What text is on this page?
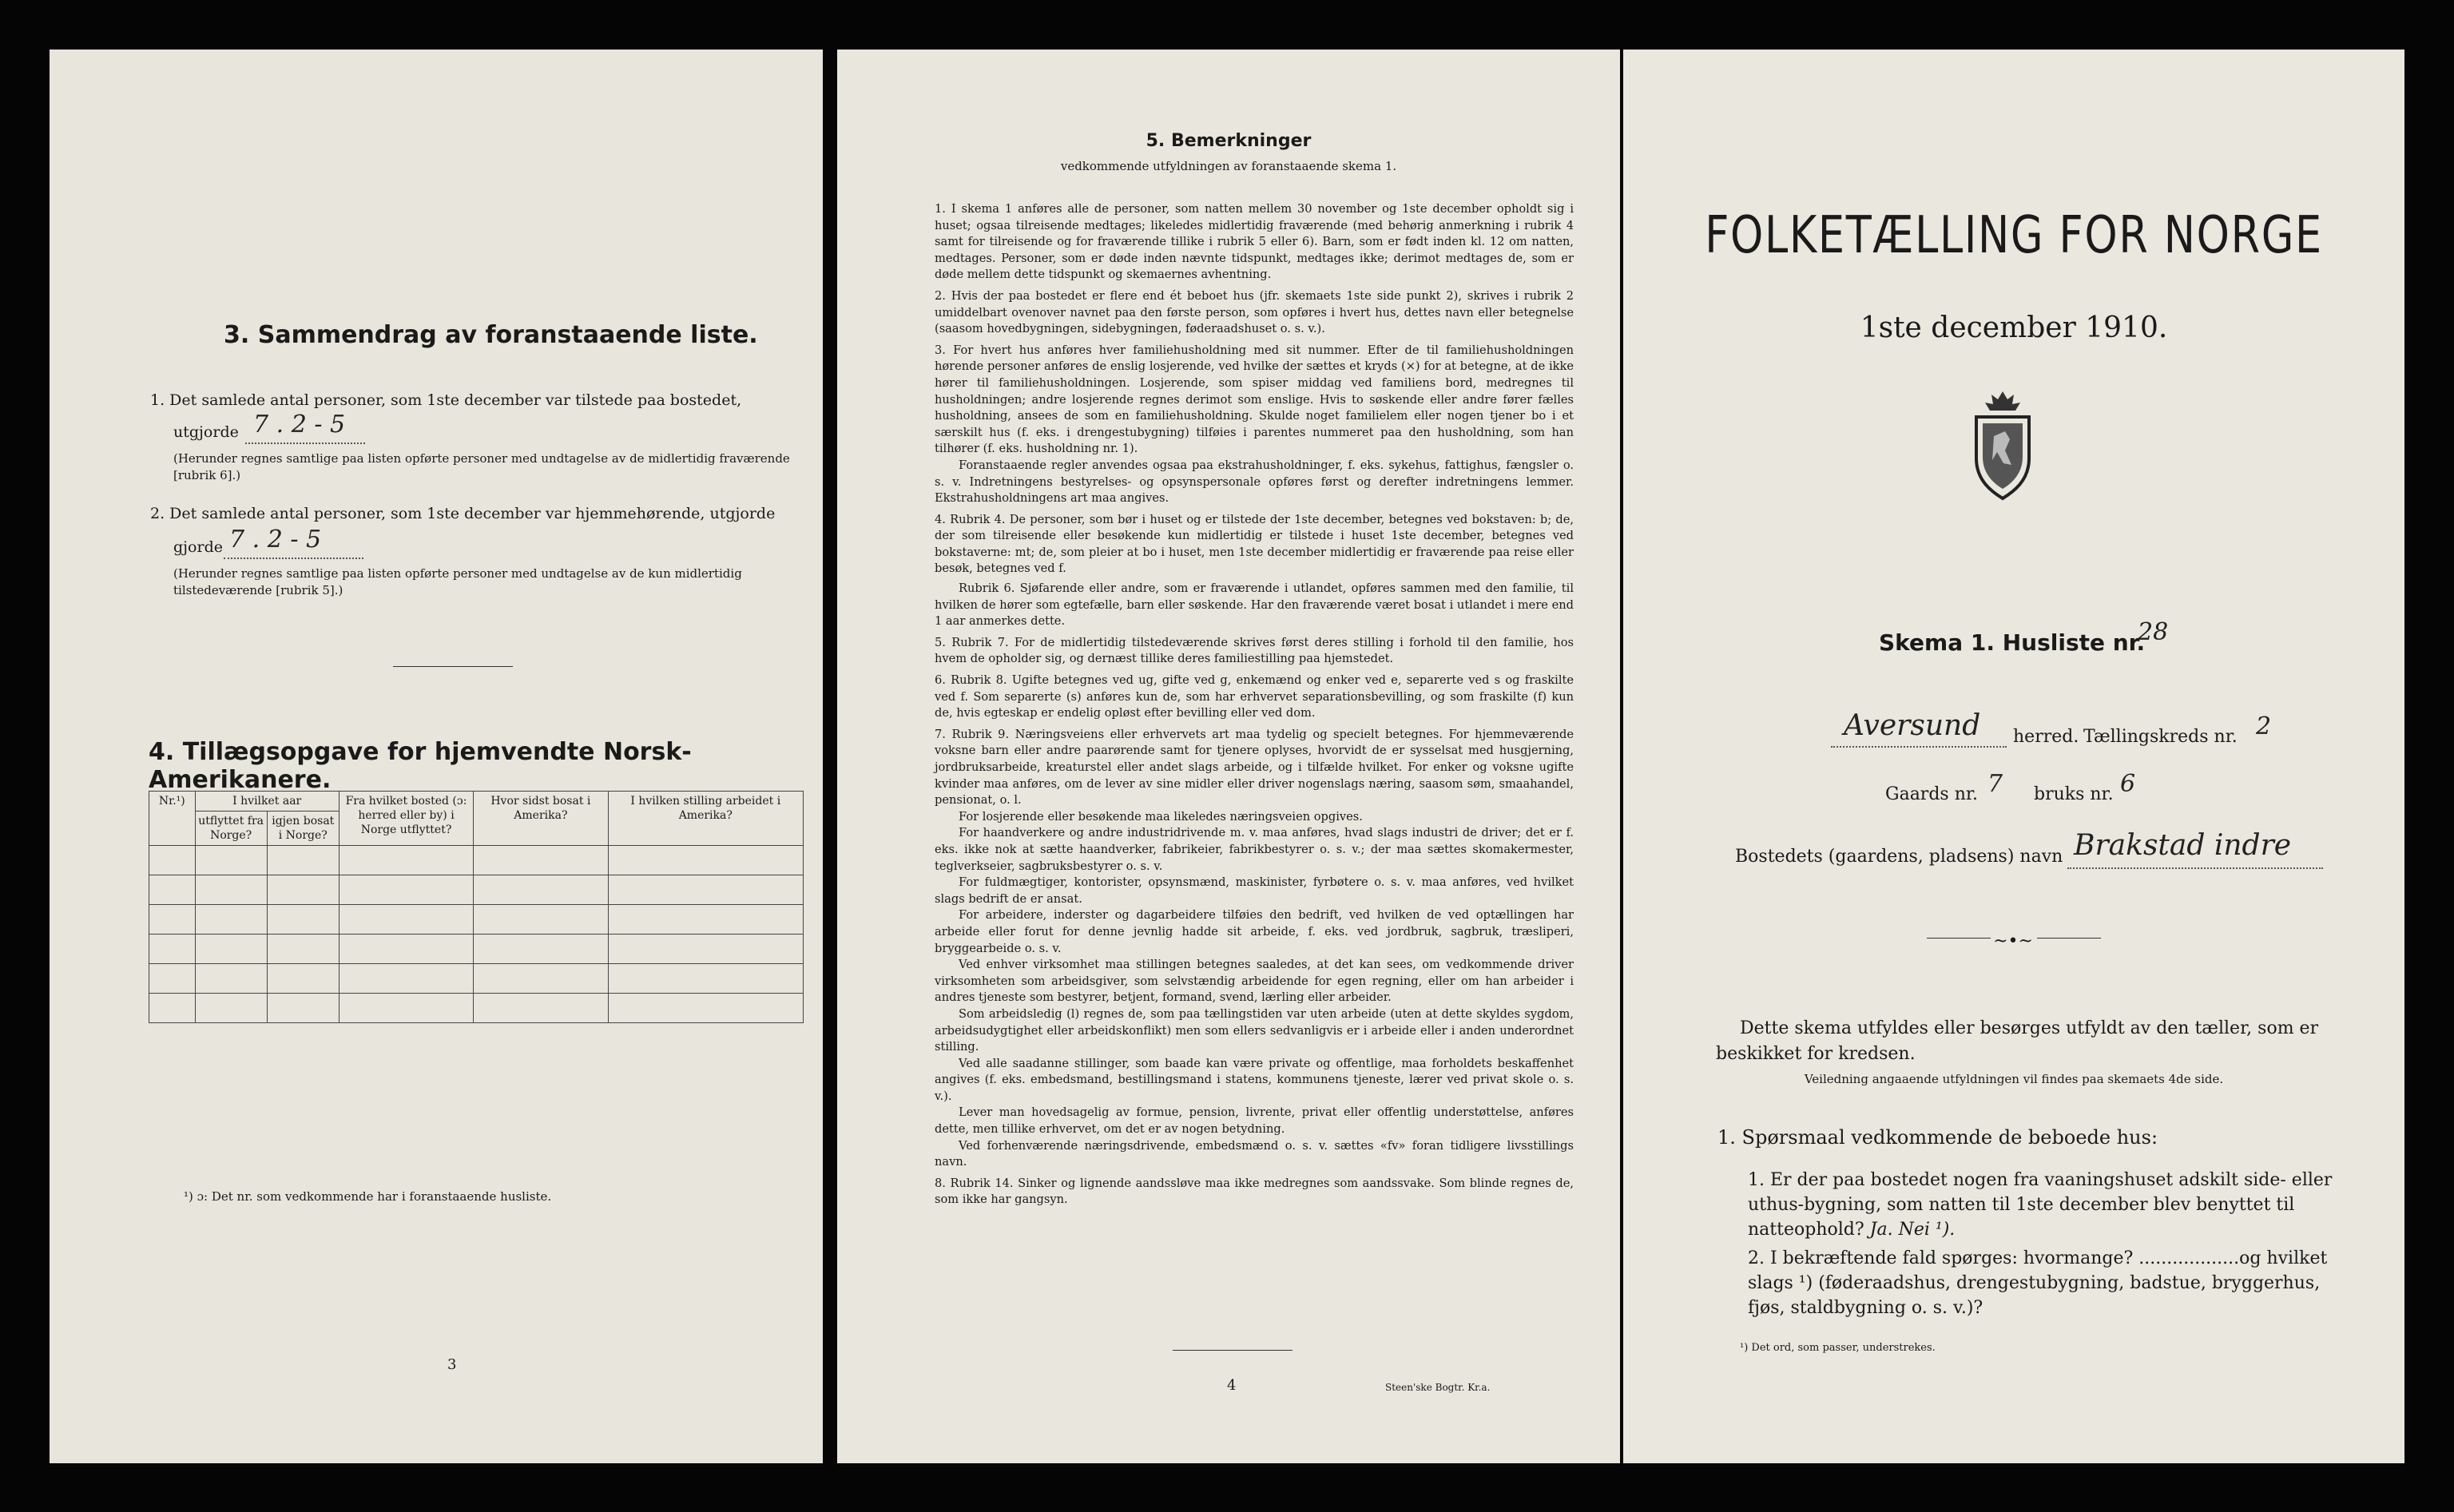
3. Sammendrag av foranstaaende liste.
1. Det samlede antal personer, som 1ste december var tilstede paa bostedet,
utgjorde 7 . 2 - 5
(Herunder regnes samtlige paa listen opførte personer med undtagelse av de midlertidig fraværende [rubrik 6].)
2. Det samlede antal personer, som 1ste december var hjemmehørende, utgjorde
gjorde 7 . 2 - 5
(Herunder regnes samtlige paa listen opførte personer med undtagelse av de kun midlertidig tilstedeværende [rubrik 5].)
4. Tillægsopgave for hjemvendte Norsk-Amerikanere.
Nr.¹)	I hvilket aar		Fra hvilket bosted (ɔ: herred eller by) i Norge utflyttet?	Hvor sidst bosat i Amerika?	I hvilken stilling arbeidet i Amerika?
	utflyttet fra Norge?	igjen bosat i Norge?			

¹) ɔ: Det nr. som vedkommende har i foranstaaende husliste.
3
5. Bemerkninger
vedkommende utfyldningen av foranstaaende skema 1.

1. I skema 1 anføres alle de personer, som natten mellem 30 november og 1ste december opholdt sig i huset; ogsaa tilreisende medtages; likeledes midlertidig fraværende (med behørig anmerkning i rubrik 4 samt for tilreisende og for fraværende tillike i rubrik 5 eller 6). Barn, som er født inden kl. 12 om natten, medtages. Personer, som er døde inden nævnte tidspunkt, medtages ikke; derimot medtages de, som er døde mellem dette tidspunkt og skemaernes avhentning.

2. Hvis der paa bostedet er flere end ét beboet hus (jfr. skemaets 1ste side punkt 2), skrives i rubrik 2 umiddelbart ovenover navnet paa den første person, som opføres i hvert hus, dettes navn eller betegnelse (saasom hovedbygningen, sidebygningen, føderaadshuset o. s. v.).

3. For hvert hus anføres hver familiehusholdning med sit nummer. Efter de til familiehusholdningen hørende personer anføres de enslig losjerende, ved hvilke der sættes et kryds (×) for at betegne, at de ikke hører til familiehusholdningen. Losjerende, som spiser middag ved familiens bord, medregnes til husholdningen; andre losjerende regnes derimot som enslige. Hvis to søskende eller andre fører fælles husholdning, ansees de som en familiehusholdning. Skulde noget familielem eller nogen tjener bo i et særskilt hus (f. eks. i drengestubygning) tilføies i parentes nummeret paa den husholdning, som han tilhører (f. eks. husholdning nr. 1).

Foranstaaende regler anvendes ogsaa paa ekstrahusholdninger, f. eks. sykehus, fattighus, fængsler o. s. v. Indretningens bestyrelses- og opsynspersonale opføres først og derefter indretningens lemmer. Ekstrahusholdningens art maa angives.

4. Rubrik 4. De personer, som bør i huset og er tilstede der 1ste december, betegnes ved bokstaven: b; de, der som tilreisende eller besøkende kun midlertidig er tilstede i huset 1ste december, betegnes ved bokstaverne: mt; de, som pleier at bo i huset, men 1ste december midlertidig er fraværende paa reise eller besøk, betegnes ved f.

Rubrik 6. Sjøfarende eller andre, som er fraværende i utlandet, opføres sammen med den familie, til hvilken de hører som egtefælle, barn eller søskende. Har den fraværende været bosat i utlandet i mere end 1 aar anmerkes dette.

5. Rubrik 7. For de midlertidig tilstedeværende skrives først deres stilling i forhold til den familie, hos hvem de opholder sig, og dernæst tillike deres familiestilling paa hjemstedet.

6. Rubrik 8. Ugifte betegnes ved ug, gifte ved g, enkemænd og enker ved e, separerte ved s og fraskilte ved f. Som separerte (s) anføres kun de, som har erhvervet separationsbevilling, og som fraskilte (f) kun de, hvis egteskap er endelig opløst efter bevilling eller ved dom.

7. Rubrik 9. Næringsveiens eller erhvervets art maa tydelig og specielt betegnes. For hjemmeværende voksne barn eller andre paarørende samt for tjenere oplyses, hvorvidt de er sysselsat med husgjerning, jordbruksarbeide, kreaturstel eller andet slags arbeide, og i tilfælde hvilket. For enker og voksne ugifte kvinder maa anføres, om de lever av sine midler eller driver nogenslags næring, saasom søm, smaahandel, pensionat, o. l.

For losjerende eller besøkende maa likeledes næringsveien opgives.

For haandverkere og andre industridrivende m. v. maa anføres, hvad slags industri de driver; det er f. eks. ikke nok at sætte haandverker, fabrikeier, fabrikbestyrer o. s. v.; der maa sættes skomakermester, teglverkseier, sagbruksbestyrer o. s. v.

For fuldmægtiger, kontorister, opsynsmænd, maskinister, fyrbøtere o. s. v. maa anføres, ved hvilket slags bedrift de er ansat.

For arbeidere, inderster og dagarbeidere tilføies den bedrift, ved hvilken de ved optællingen har arbeide eller forut for denne jevnlig hadde sit arbeide, f. eks. ved jordbruk, sagbruk, træsliperi, bryggearbeide o. s. v.

Ved enhver virksomhet maa stillingen betegnes saaledes, at det kan sees, om vedkommende driver virksomheten som arbeidsgiver, som selvstændig arbeidende for egen regning, eller om han arbeider i andres tjeneste som bestyrer, betjent, formand, svend, lærling eller arbeider.

Som arbeidsledig (l) regnes de, som paa tællingstiden var uten arbeide (uten at dette skyldes sygdom, arbeidsudygtighet eller arbeidskonflikt) men som ellers sedvanligvis er i arbeide eller i anden underordnet stilling.

Ved alle saadanne stillinger, som baade kan være private og offentlige, maa forholdets beskaffenhet angives (f. eks. embedsmand, bestillingsmand i statens, kommunens tjeneste, lærer ved privat skole o. s. v.).

Lever man hovedsagelig av formue, pension, livrente, privat eller offentlig understøttelse, anføres dette, men tillike erhvervet, om det er av nogen betydning.

Ved forhenværende næringsdrivende, embedsmænd o. s. v. sættes «fv» foran tidligere livsstillings navn.

8. Rubrik 14. Sinker og lignende aandssløve maa ikke medregnes som aandssvake. Som blinde regnes de, som ikke har gangsyn.

4	Steen'ske Bogtr. Kr.a.
FOLKETÆLLING FOR NORGE
1ste december 1910.
Skema 1. Husliste nr.
28
Aversund herred. Tællingskreds nr. 2
Gaards nr. 7 bruks nr. 6
Bostedets (gaardens, pladsens) navn Brakstad indre
~•~
Dette skema utfyldes eller besørges utfyldt av den tæller, som er beskikket for kredsen.
Veiledning angaaende utfyldningen vil findes paa skemaets 4de side.
1. Spørsmaal vedkommende de beboede hus:
1. Er der paa bostedet nogen fra vaaningshuset adskilt side- eller uthus-bygning, som natten til 1ste december blev benyttet til natteophold? Ja. Nei ¹).
2. I bekræftende fald spørges: hvormange? ..................og hvilket slags ¹) (føderaadshus, drengestubygning, badstue, bryggerhus, fjøs, staldbygning o. s. v.)?
¹) Det ord, som passer, understrekes.
